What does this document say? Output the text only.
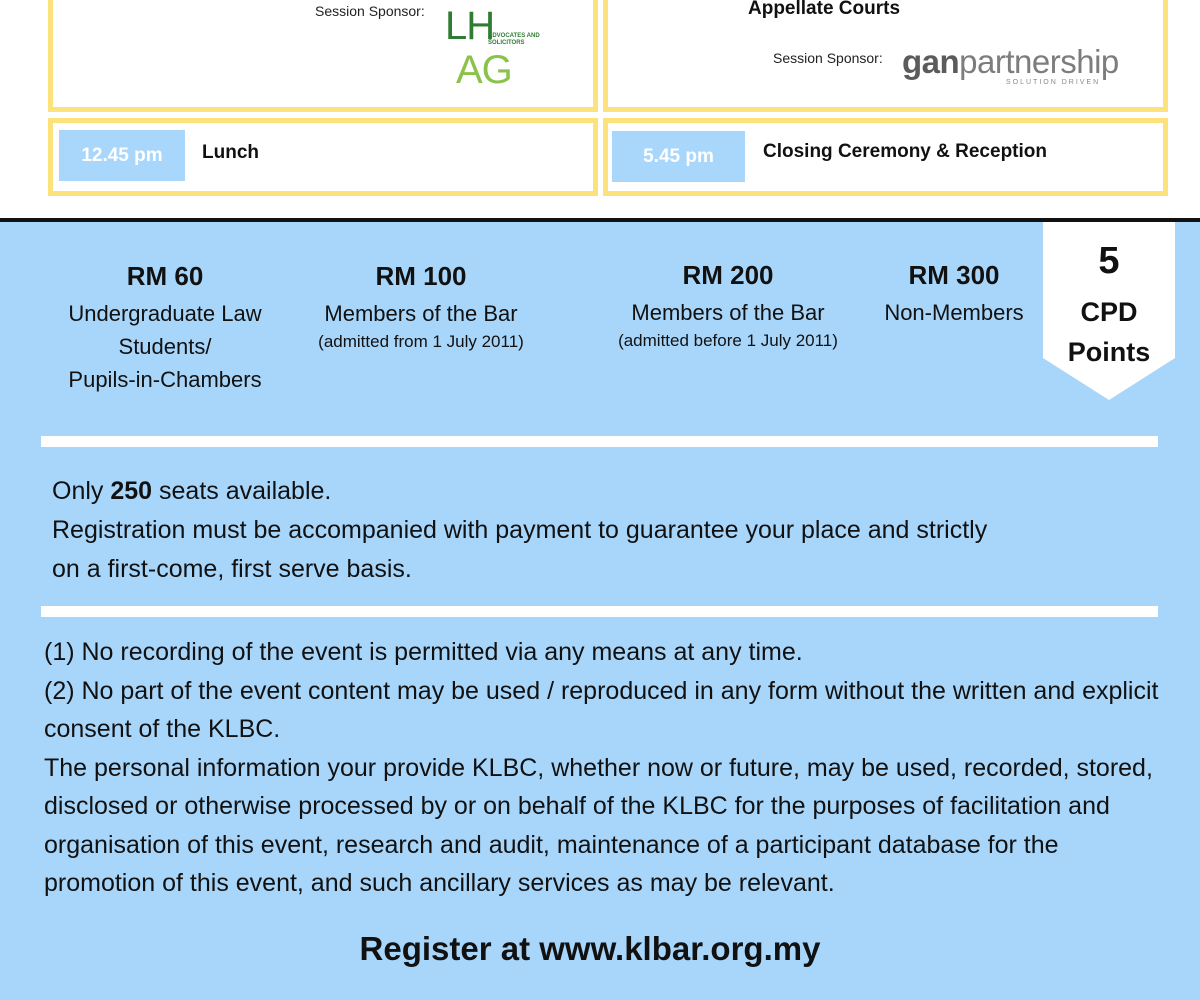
Session Sponsor: LH
ADVOCATES AND SOLICITORS
AG
Appellate Courts
Session Sponsor: ganpartnership
SOLUTION DRIVEN
12.45 pm	Lunch	5.45 pm	Closing Ceremony & Reception
RM 60
Undergraduate Law
Students/
Pupils-in-Chambers
RM 100
Members of the Bar
(admitted from 1 July 2011)
RM 200
Members of the Bar
(admitted before 1 July 2011)
RM 300
Non-Members
5
CPD
Points
Only 250 seats available.
Registration must be accompanied with payment to guarantee your place and strictly
on a first-come, first serve basis.
(1) No recording of the event is permitted via any means at any time.
(2) No part of the event content may be used / reproduced in any form without the written and explicit consent of the KLBC.
The personal information your provide KLBC, whether now or future, may be used, recorded, stored, disclosed or otherwise processed by or on behalf of the KLBC for the purposes of facilitation and organisation of this event, research and audit, maintenance of a participant database for the promotion of this event, and such ancillary services as may be relevant.
Register at www.klbar.org.my
